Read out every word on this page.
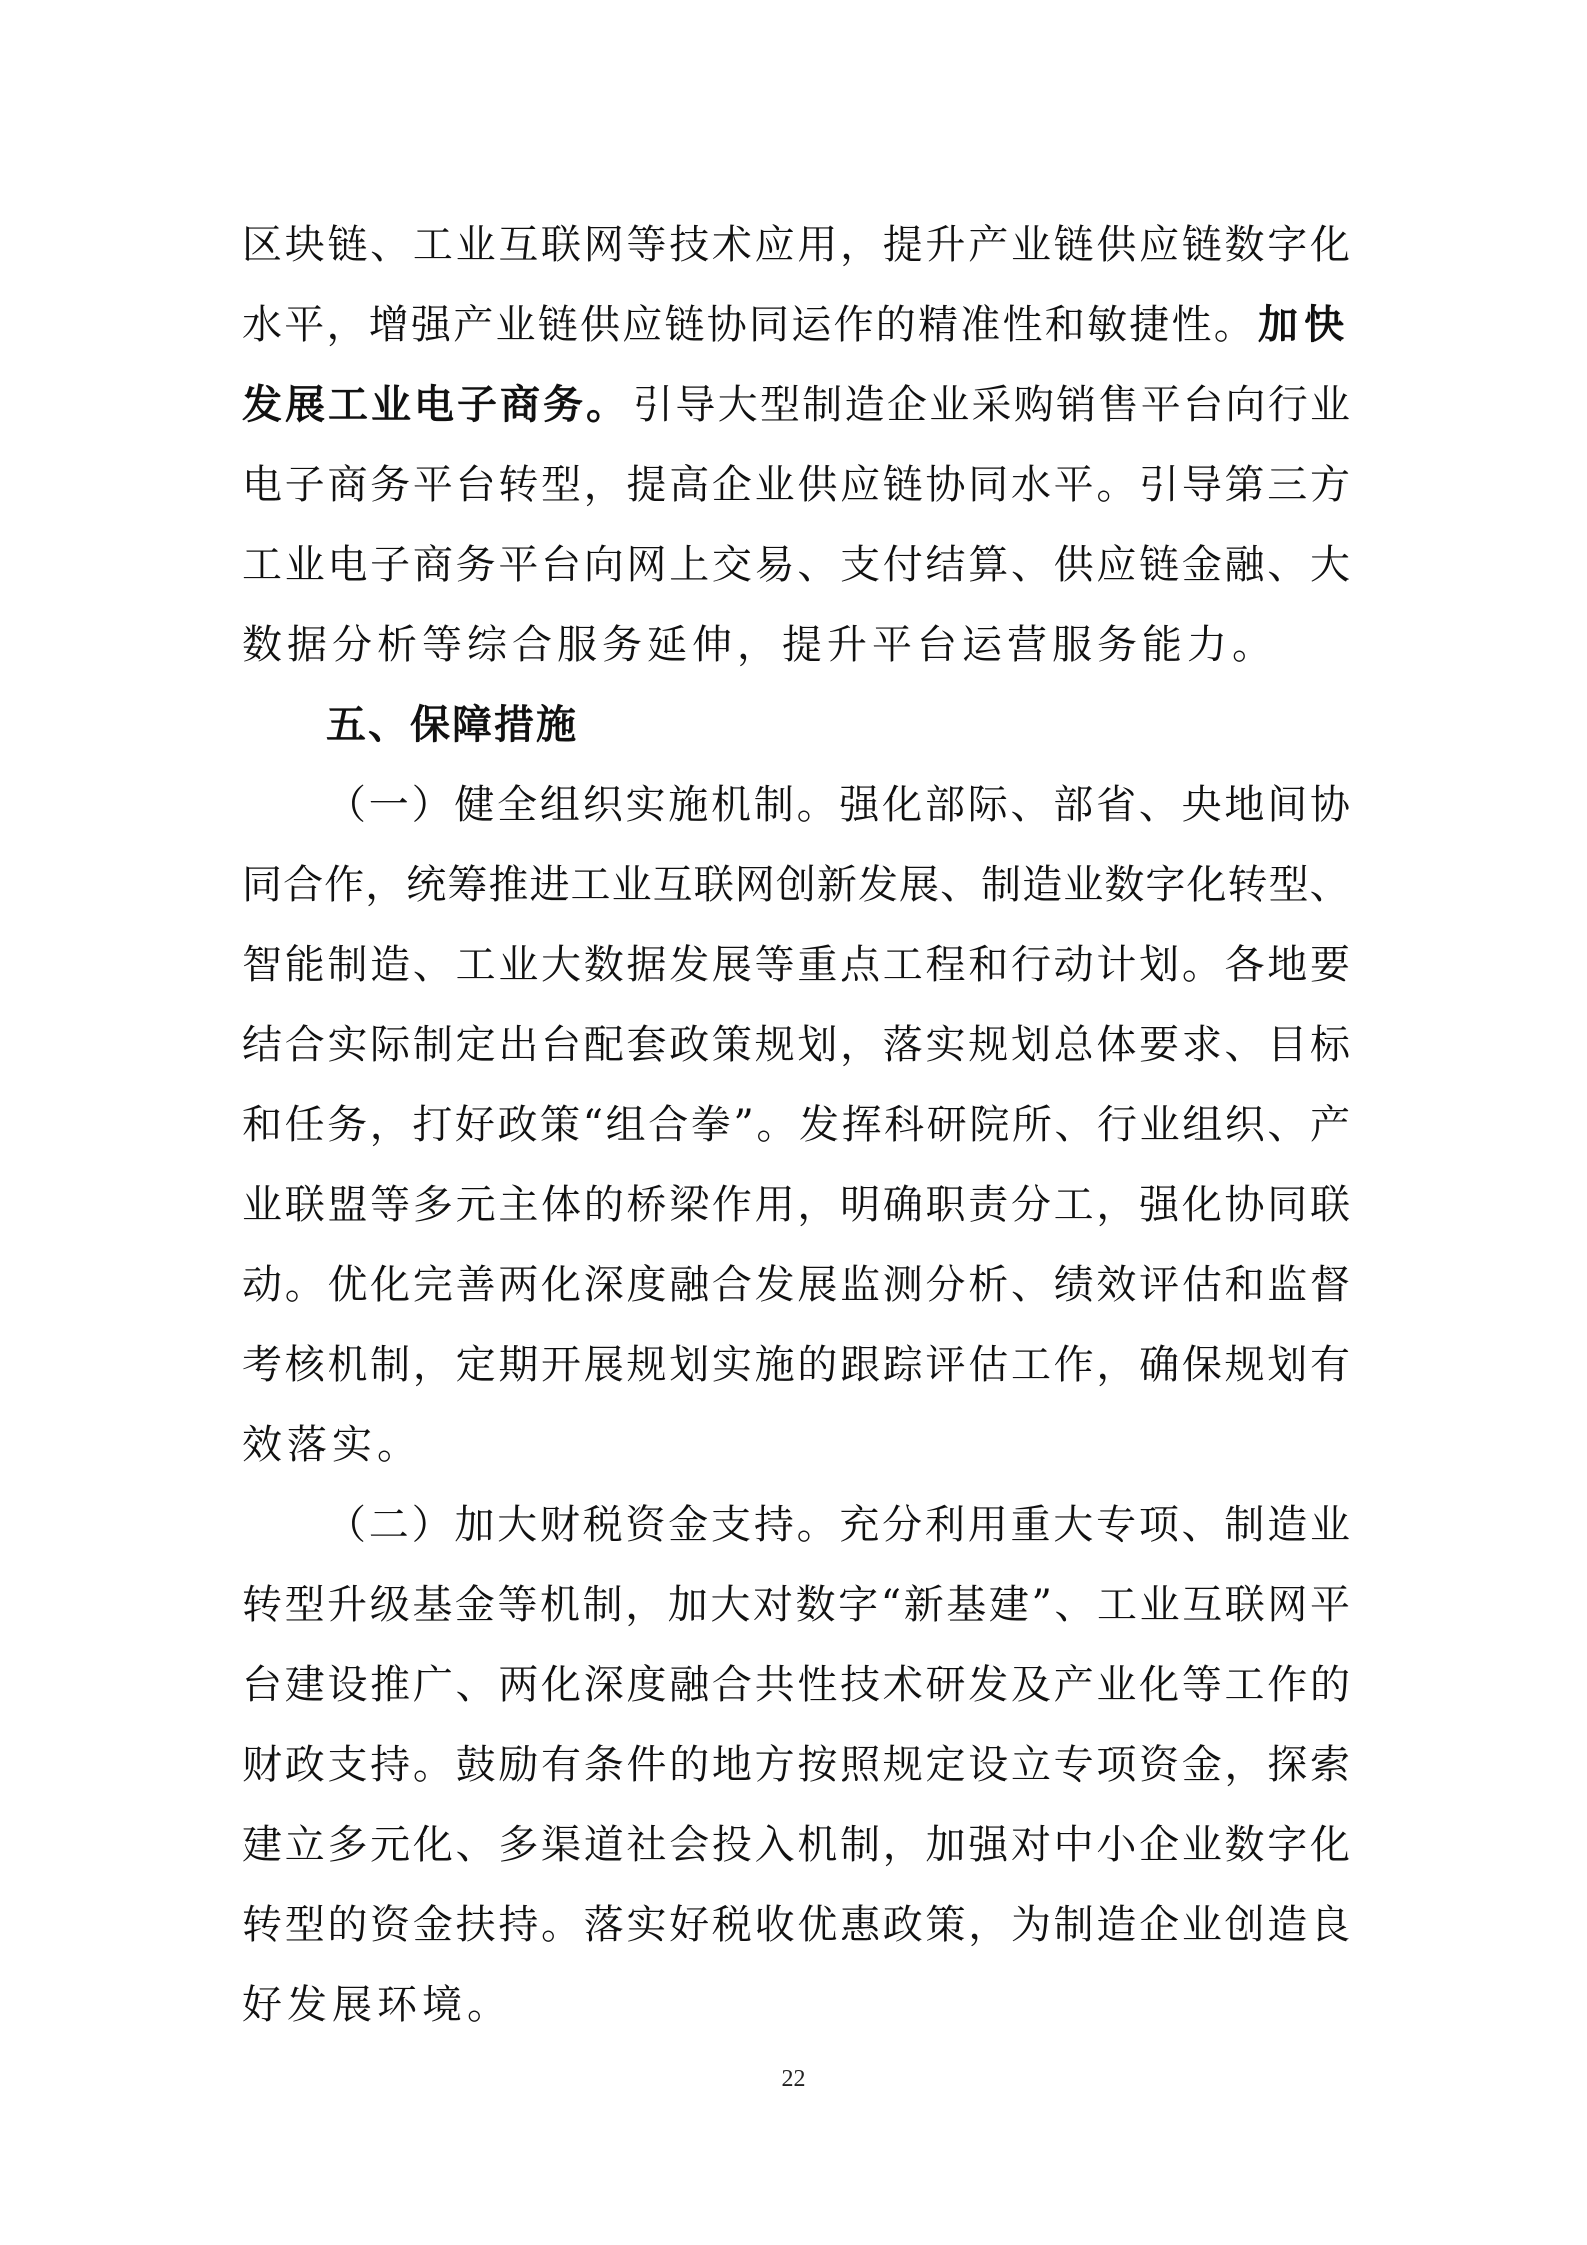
区 块 链 、 工 业 互 联 网 等 技 术 应 用 ， 提 升 产 业 链 供 应 链 数 字 化
水 平 ， 增 强 产 业 链 供 应 链 协 同 运 作 的 精 准 性 和 敏 捷 性 。 加快
发展工业电子商务。 引 导 大 型 制 造 企 业 采 购 销 售 平 台 向 行 业
电 子 商 务 平 台 转 型 ， 提 高 企 业 供 应 链 协 同 水 平 。 引 导 第 三 方
工 业 电 子 商 务 平 台 向 网 上 交 易 、 支 付 结 算 、 供 应 链 金 融 、 大
数据分析等综合服务延伸，提升平台运营服务能力。
五、保障措施
（ 一 ） 健 全 组 织 实 施 机 制 。 强 化 部 际 、 部 省 、 央 地 间 协
同 合 作 ， 统 筹 推 进 工 业 互 联 网 创 新 发 展 、 制 造 业 数 字 化 转 型 、
智 能 制 造 、 工 业 大 数 据 发 展 等 重 点 工 程 和 行 动 计 划 。 各 地 要
结 合 实 际 制 定 出 台 配 套 政 策 规 划 ， 落 实 规 划 总 体 要 求 、 目 标
和 任 务 ， 打 好 政 策 “ 组 合 拳 ” 。 发 挥 科 研 院 所 、 行 业 组 织 、 产
业 联 盟 等 多 元 主 体 的 桥 梁 作 用 ， 明 确 职 责 分 工 ， 强 化 协 同 联
动 。 优 化 完 善 两 化 深 度 融 合 发 展 监 测 分 析 、 绩 效 评 估 和 监 督
考 核 机 制 ， 定 期 开 展 规 划 实 施 的 跟 踪 评 估 工 作 ， 确 保 规 划 有
效落实。
（ 二 ） 加 大 财 税 资 金 支 持 。 充 分 利 用 重 大 专 项 、 制 造 业
转 型 升 级 基 金 等 机 制 ， 加 大 对 数 字 “ 新 基 建 ” 、 工 业 互 联 网 平
台 建 设 推 广 、 两 化 深 度 融 合 共 性 技 术 研 发 及 产 业 化 等 工 作 的
财 政 支 持 。 鼓 励 有 条 件 的 地 方 按 照 规 定 设 立 专 项 资 金 ， 探 索
建 立 多 元 化 、 多 渠 道 社 会 投 入 机 制 ， 加 强 对 中 小 企 业 数 字 化
转 型 的 资 金 扶 持 。 落 实 好 税 收 优 惠 政 策 ， 为 制 造 企 业 创 造 良
好发展环境。
22
